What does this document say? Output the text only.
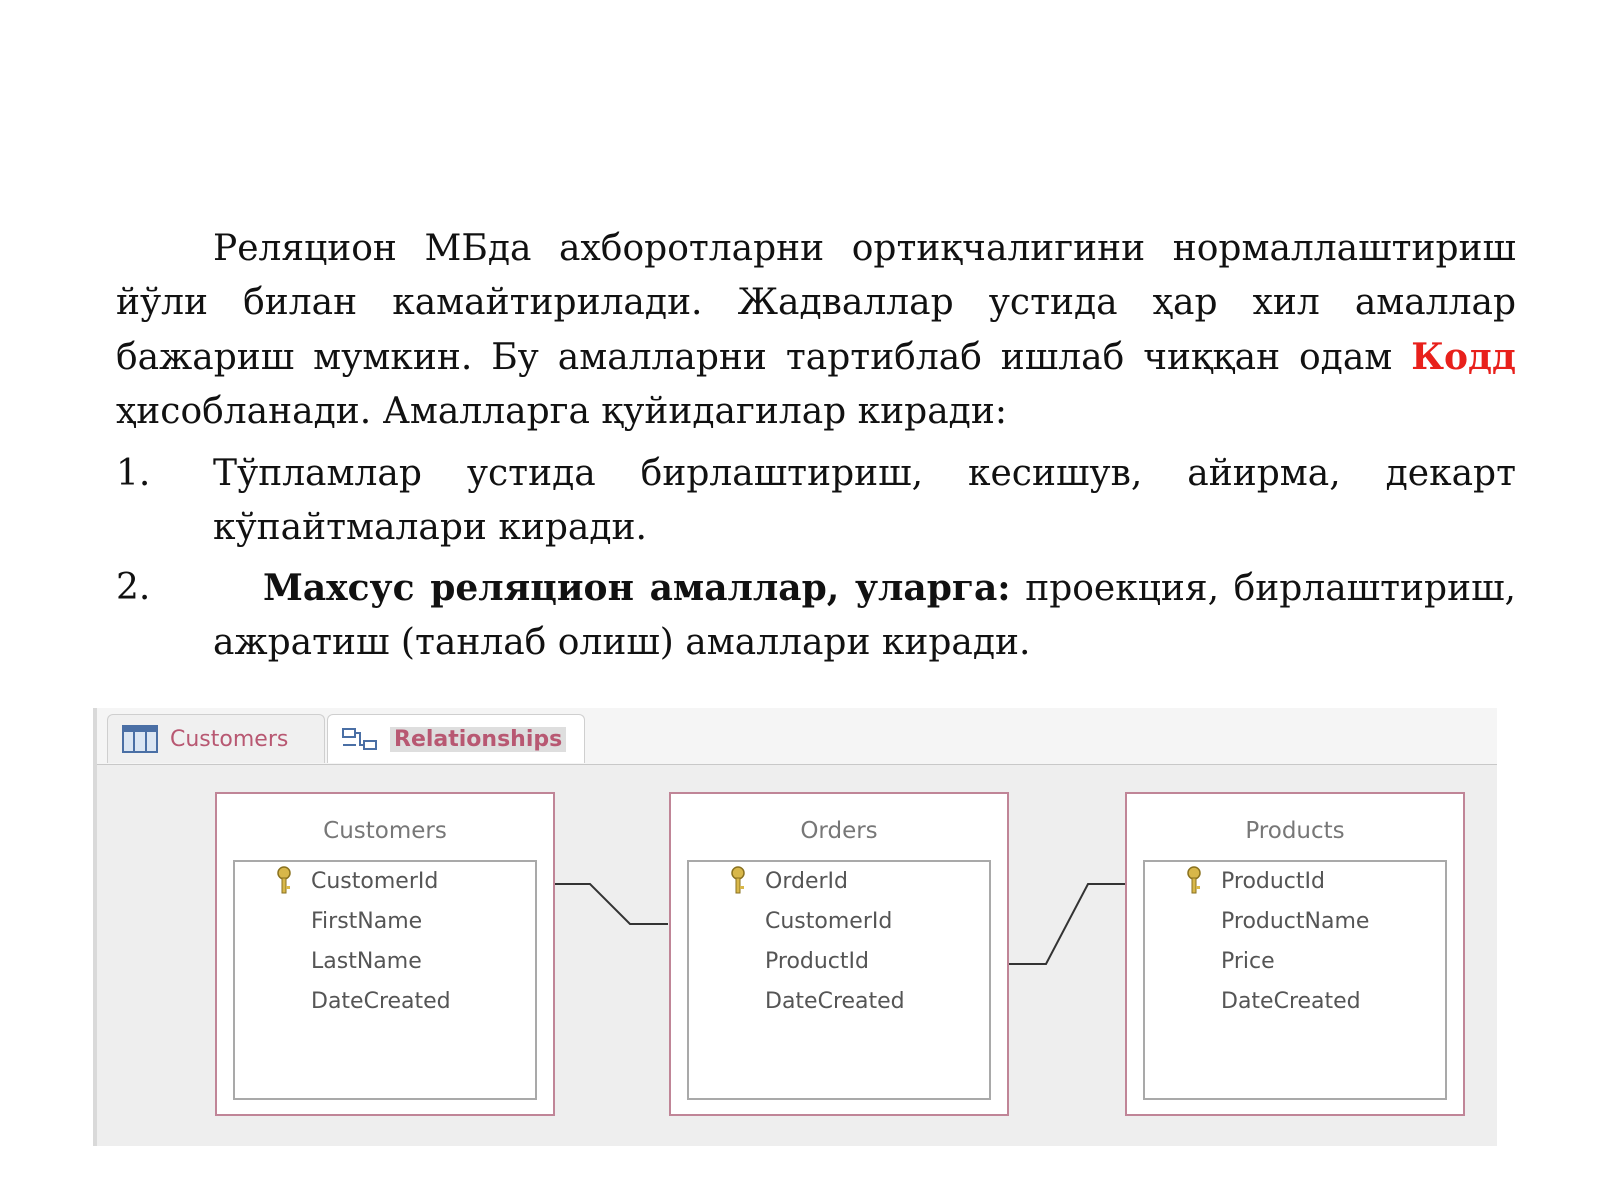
Реляцион МБда ахборотларни ортиқчалигини нормаллаштириш йўли билан камайтирилади. Жадваллар устида ҳар хил амаллар бажариш мумкин. Бу амалларни тартиблаб ишлаб чиққан одам Кодд ҳисобланади. Амалларга қуйидагилар киради:

1. Тўпламлар устида бирлаштириш, кесишув, айирма, декарт кўпайтмалари киради.
2.	Махсус реляцион амаллар, уларга: проекция, бирлаштириш, ажратиш (танлаб олиш) амаллари киради.
Customers	Relationships
Customers
CustomerId
FirstName
LastName
DateCreated
Orders
OrderId
CustomerId
ProductId
DateCreated
Products
ProductId
ProductName
Price
DateCreated
